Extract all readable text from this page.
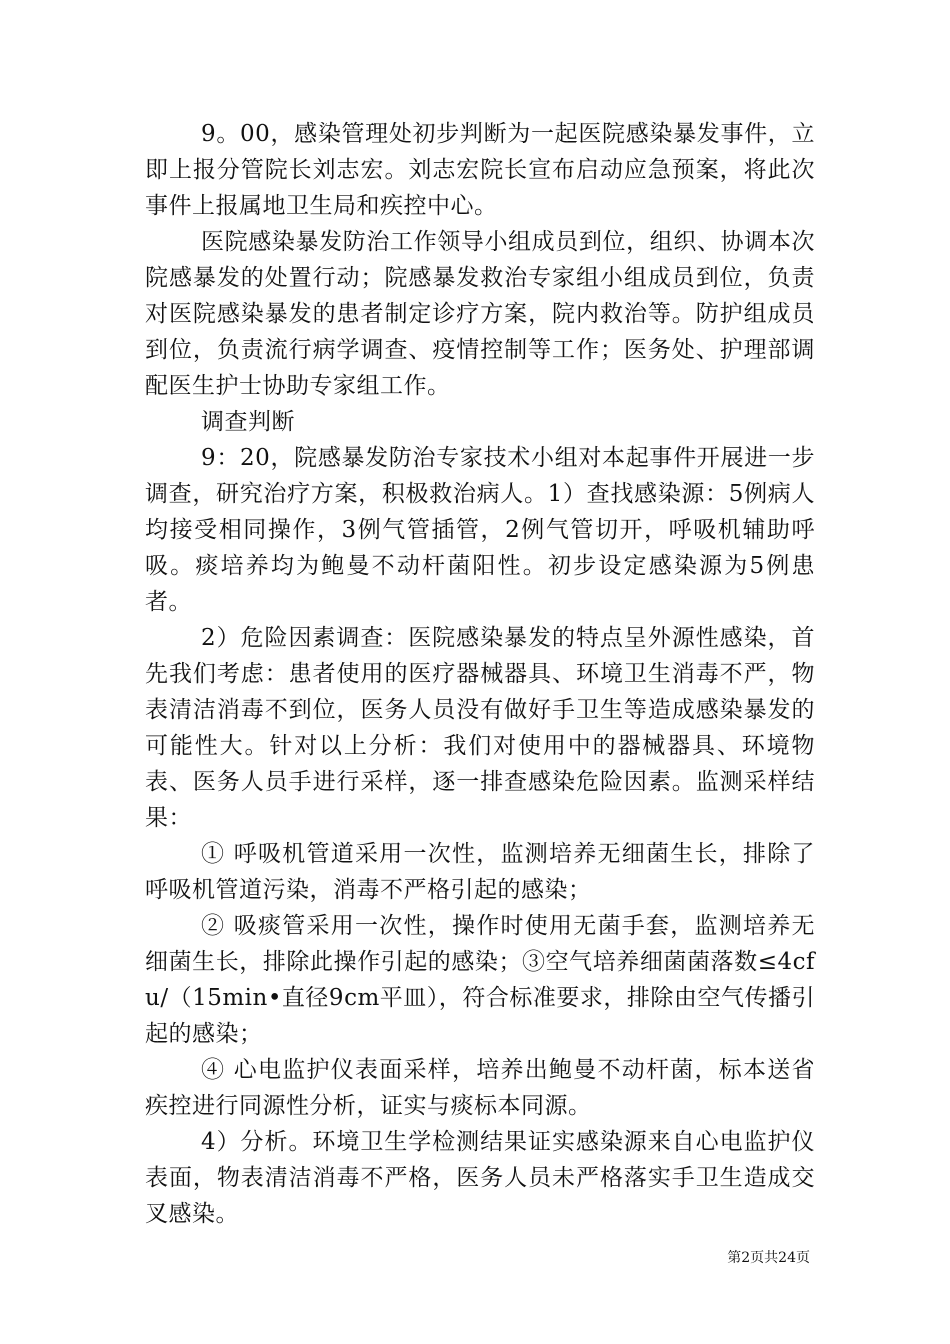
9。00，感染管理处初步判断为一起医院感染暴发事件，立即上报分管院长刘志宏。刘志宏院长宣布启动应急预案，将此次事件上报属地卫生局和疾控中心。

医院感染暴发防治工作领导小组成员到位，组织、协调本次院感暴发的处置行动；院感暴发救治专家组小组成员到位，负责对医院感染暴发的患者制定诊疗方案，院内救治等。防护组成员到位，负责流行病学调查、疫情控制等工作；医务处、护理部调配医生护士协助专家组工作。

调查判断

9：20，院感暴发防治专家技术小组对本起事件开展进一步调查，研究治疗方案，积极救治病人。1）查找感染源：5例病人均接受相同操作，3例气管插管，2例气管切开，呼吸机辅助呼吸。痰培养均为鲍曼不动杆菌阳性。初步设定感染源为5例患者。

2）危险因素调查：医院感染暴发的特点呈外源性感染，首先我们考虑：患者使用的医疗器械器具、环境卫生消毒不严，物表清洁消毒不到位，医务人员没有做好手卫生等造成感染暴发的可能性大。针对以上分析：我们对使用中的器械器具、环境物表、医务人员手进行采样，逐一排查感染危险因素。监测采样结果：

① 呼吸机管道采用一次性，监测培养无细菌生长，排除了呼吸机管道污染，消毒不严格引起的感染；

② 吸痰管采用一次性，操作时使用无菌手套，监测培养无细菌生长，排除此操作引起的感染；③空气培养细菌菌落数≤4cfu/（15min•直径9cm平皿），符合标准要求，排除由空气传播引起的感染；

④ 心电监护仪表面采样，培养出鲍曼不动杆菌，标本送省疾控进行同源性分析，证实与痰标本同源。

4）分析。环境卫生学检测结果证实感染源来自心电监护仪表面，物表清洁消毒不严格，医务人员未严格落实手卫生造成交叉感染。

第2页共24页
